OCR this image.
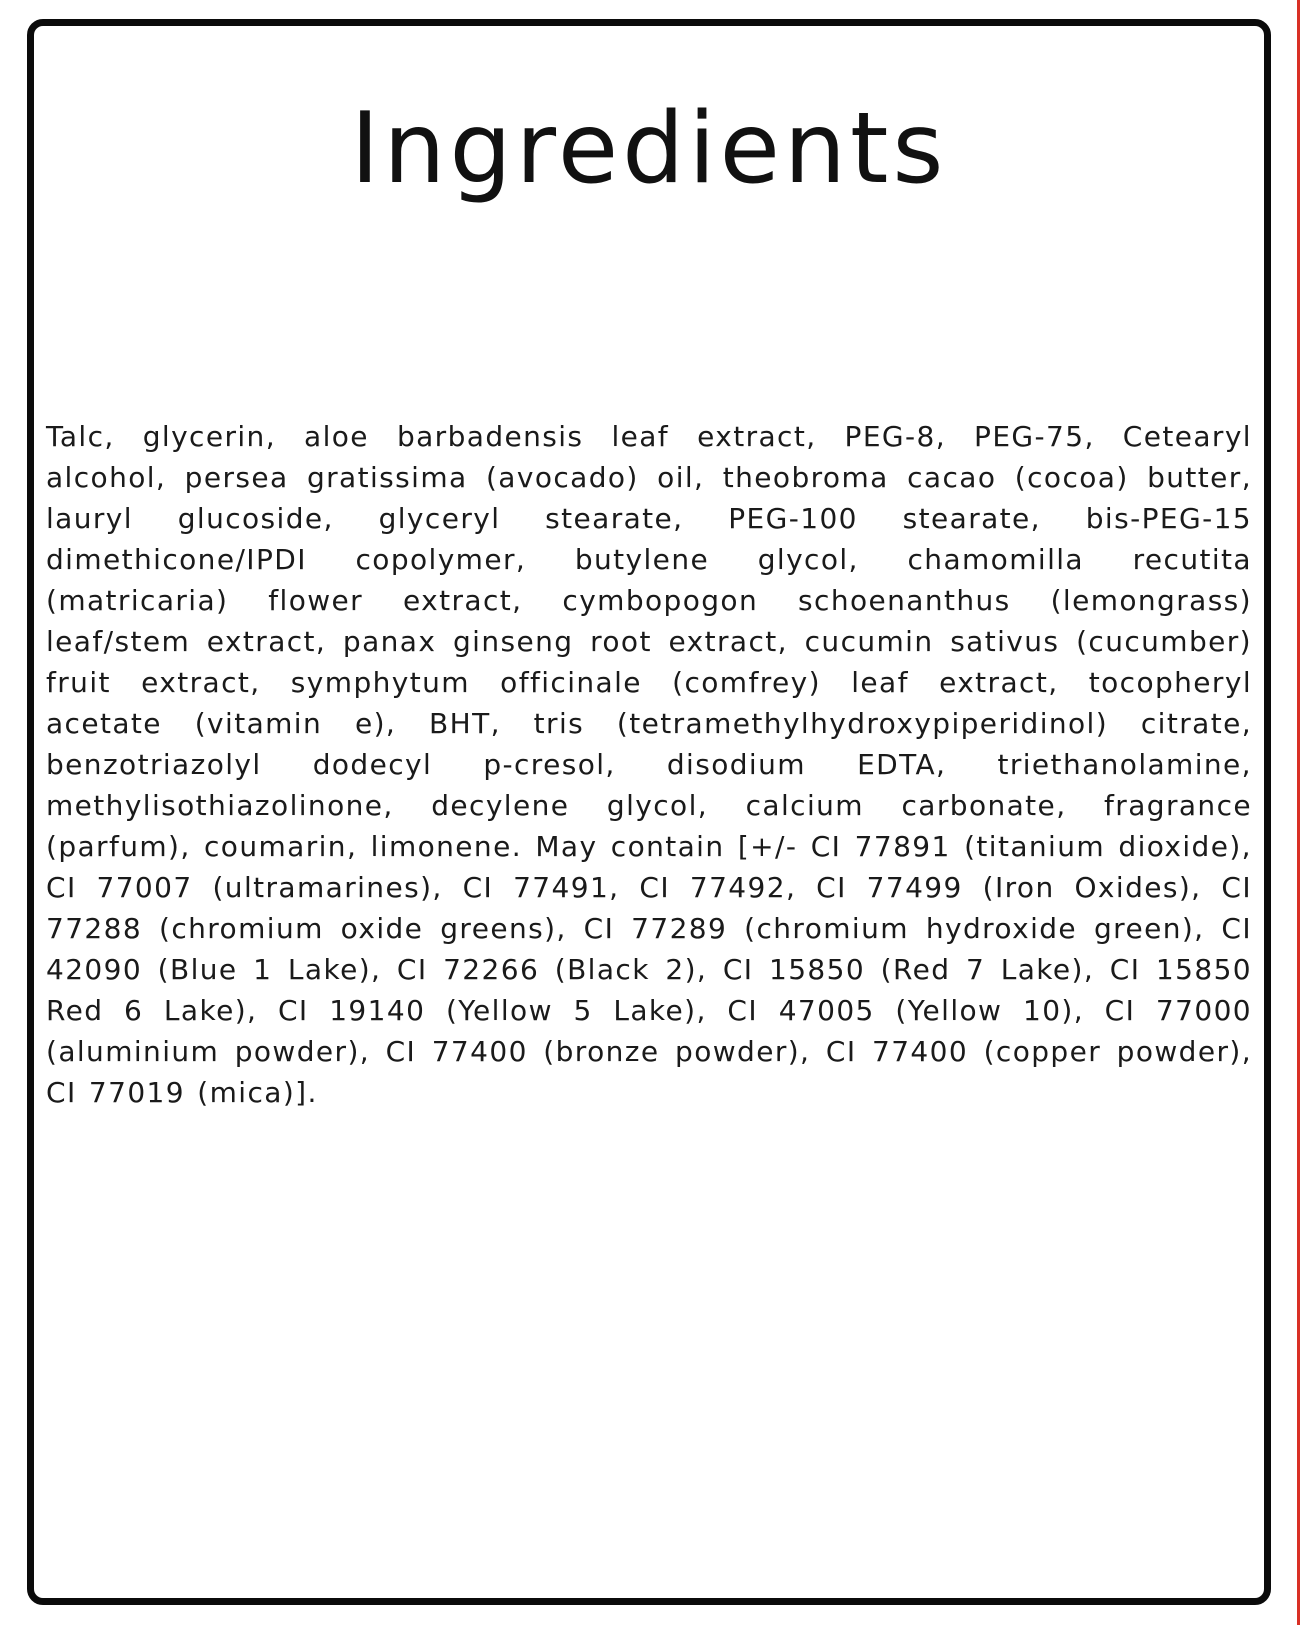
Ingredients

Talc, glycerin, aloe barbadensis leaf extract, PEG-8, PEG-75, Cetearyl alcohol, persea gratissima (avocado) oil, theobroma cacao (cocoa) butter, lauryl glucoside, glyceryl stearate, PEG-100 stearate, bis-PEG-15 dimethicone/IPDI copolymer, butylene glycol, chamomilla recutita (matricaria) flower extract, cymbopogon schoenanthus (lemongrass) leaf/stem extract, panax ginseng root extract, cucumin sativus (cucumber) fruit extract, symphytum officinale (comfrey) leaf extract, tocopheryl acetate (vitamin e), BHT, tris (tetramethylhydroxypiperidinol) citrate, benzotriazolyl dodecyl p-cresol, disodium EDTA, triethanolamine, methylisothiazolinone, decylene glycol, calcium carbonate, fragrance (parfum), coumarin, limonene. May contain [+/- CI 77891 (titanium dioxide), CI 77007 (ultramarines), CI 77491, CI 77492, CI 77499 (Iron Oxides), CI 77288 (chromium oxide greens), CI 77289 (chromium hydroxide green), CI 42090 (Blue 1 Lake), CI 72266 (Black 2), CI 15850 (Red 7 Lake), CI 15850 Red 6 Lake), CI 19140 (Yellow 5 Lake), CI 47005 (Yellow 10), CI 77000 (aluminium powder), CI 77400 (bronze powder), CI 77400 (copper powder), CI 77019 (mica)].
